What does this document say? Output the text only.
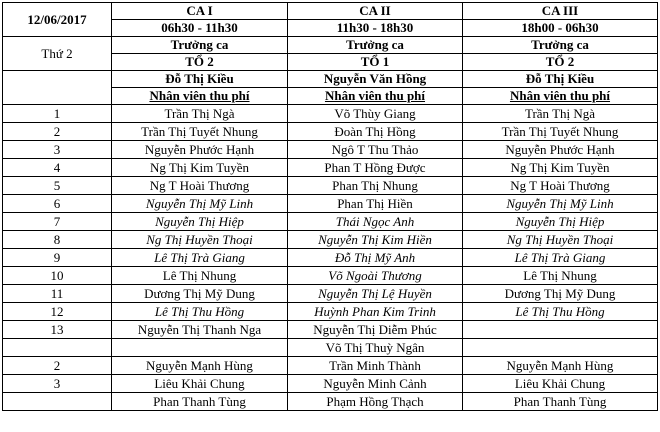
12/06/2017	CA I	CA II	CA III
	06h30 - 11h30	11h30 - 18h30	18h00 - 06h30
Thứ 2	Trưởng ca	Trưởng ca	Trưởng ca
	TỔ 2	TỔ 1	TỔ 2
	Đỗ Thị Kiều	Nguyễn Văn Hồng	Đỗ Thị Kiều
	Nhân viên thu phí	Nhân viên thu phí	Nhân viên thu phí
1	Trần Thị Ngà	Võ Thùy Giang	Trần Thị Ngà
2	Trần Thị Tuyết Nhung	Đoàn Thị Hồng	Trần Thị Tuyết Nhung
3	Nguyễn Phước Hạnh	Ngô T Thu Thảo	Nguyễn Phước Hạnh
4	Ng Thị Kim Tuyền	Phan T Hồng Được	Ng Thị Kim Tuyền
5	Ng T Hoài Thương	Phan Thị Nhung	Ng T Hoài Thương
6	Nguyễn Thị Mỹ Linh	Phan Thị Hiền	Nguyễn Thị Mỹ Linh
7	Nguyễn Thị Hiệp	Thái Ngọc Anh	Nguyễn Thị Hiệp
8	Ng Thị Huyền Thoại	Nguyễn Thị Kim Hiền	Ng Thị Huyền Thoại
9	Lê Thị Trà Giang	Đỗ Thị Mỹ Anh	Lê Thị Trà Giang
10	Lê Thị Nhung	Võ Ngoài Thương	Lê Thị Nhung
11	Dương Thị Mỹ Dung	Nguyễn Thị Lệ Huyền	Dương Thị Mỹ Dung
12	Lê Thị Thu Hồng	Huỳnh Phan Kim Trinh	Lê Thị Thu Hồng
13	Nguyễn Thị Thanh Nga	Nguyễn Thị Diễm Phúc	
		Võ Thị Thuỳ Ngân	
2	Nguyễn Mạnh Hùng	Trần Minh Thành	Nguyễn Mạnh Hùng
3	Liêu Khải Chung	Nguyễn Minh Cảnh	Liêu Khải Chung
	Phan Thanh Tùng	Phạm Hồng Thạch	Phan Thanh Tùng
